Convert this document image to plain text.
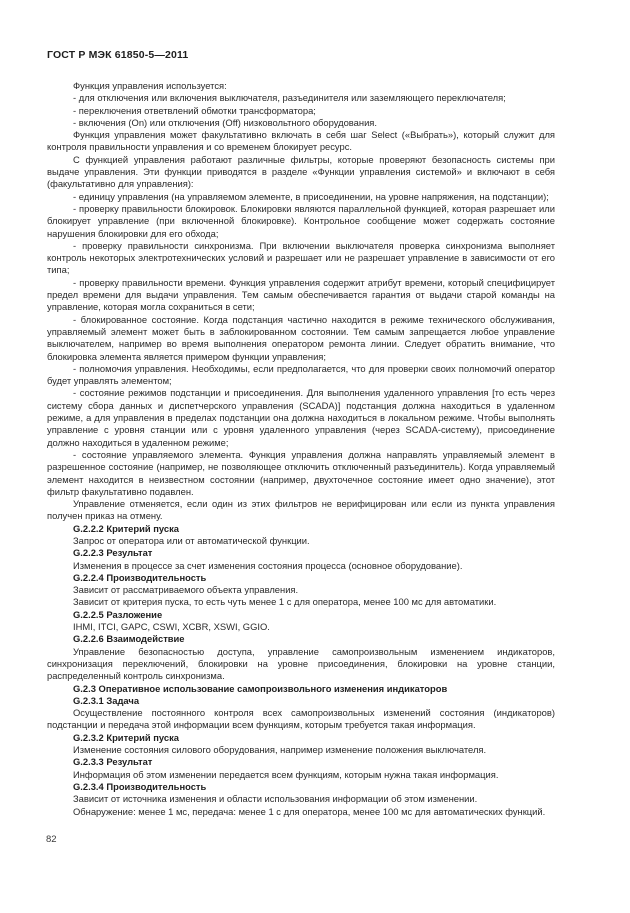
ГОСТ Р МЭК 61850-5—2011

Функция управления используется:

- для отключения или включения выключателя, разъединителя или заземляющего переключателя;

- переключения ответвлений обмотки трансформатора;

- включения (On) или отключения (Off) низковольтного оборудования.

Функция управления может факультативно включать в себя шаг Select («Выбрать»), который служит для контроля правильности управления и со временем блокирует ресурс.

С функцией управления работают различные фильтры, которые проверяют безопасность системы при выдаче управления. Эти функции приводятся в разделе «Функции управления системой» и включают в себя (факультативно для управления):

- единицу управления (на управляемом элементе, в присоединении, на уровне напряжения, на подстанции);

- проверку правильности блокировок. Блокировки являются параллельной функцией, которая разрешает или блокирует управление (при включенной блокировке). Контрольное сообщение может содержать состояние нарушения блокировки для его обхода;

- проверку правильности синхронизма. При включении выключателя проверка синхронизма выполняет контроль некоторых электротехнических условий и разрешает или не разрешает управление в зависимости от его типа;

- проверку правильности времени. Функция управления содержит атрибут времени, который специфицирует предел времени для выдачи управления. Тем самым обеспечивается гарантия от выдачи старой команды на управление, которая могла сохраниться в сети;

- блокированное состояние. Когда подстанция частично находится в режиме технического обслуживания, управляемый элемент может быть в заблокированном состоянии. Тем самым запрещается любое управление выключателем, например во время выполнения оператором ремонта линии. Следует обратить внимание, что блокировка элемента является примером функции управления;

- полномочия управления. Необходимы, если предполагается, что для проверки своих полномочий оператор будет управлять элементом;

- состояние режимов подстанции и присоединения. Для выполнения удаленного управления [то есть через систему сбора данных и диспетчерского управления (SCADA)] подстанция должна находиться в удаленном режиме, а для управления в пределах подстанции она должна находиться в локальном режиме. Чтобы выполнять управление с уровня станции или с уровня удаленного управления (через SCADA-систему), присоединение должно находиться в удаленном режиме;

- состояние управляемого элемента. Функция управления должна направлять управляемый элемент в разрешенное состояние (например, не позволяющее отключить отключенный разъединитель). Когда управляемый элемент находится в неизвестном состоянии (например, двухточечное состояние имеет одно значение), этот фильтр факультативно подавлен.

Управление отменяется, если один из этих фильтров не верифицирован или если из пункта управления получен приказ на отмену.

G.2.2.2 Критерий пуска

Запрос от оператора или от автоматической функции.

G.2.2.3 Результат

Изменения в процессе за счет изменения состояния процесса (основное оборудование).

G.2.2.4 Производительность

Зависит от рассматриваемого объекта управления.

Зависит от критерия пуска, то есть чуть менее 1 с для оператора, менее 100 мс для автоматики.

G.2.2.5 Разложение

IHMI, ITCI, GAPC, CSWI, XCBR, XSWI, GGIO.

G.2.2.6 Взаимодействие

Управление безопасностью доступа, управление самопроизвольным изменением индикаторов, синхронизация переключений, блокировки на уровне присоединения, блокировки на уровне станции, распределенный контроль синхронизма.

G.2.3 Оперативное использование самопроизвольного изменения индикаторов

G.2.3.1 Задача

Осуществление постоянного контроля всех самопроизвольных изменений состояния (индикаторов) подстанции и передача этой информации всем функциям, которым требуется такая информация.

G.2.3.2 Критерий пуска

Изменение состояния силового оборудования, например изменение положения выключателя.

G.2.3.3 Результат

Информация об этом изменении передается всем функциям, которым нужна такая информация.

G.2.3.4 Производительность

Зависит от источника изменения и области использования информации об этом изменении.

Обнаружение: менее 1 мс, передача: менее 1 с для оператора, менее 100 мс для автоматических функций.

82
